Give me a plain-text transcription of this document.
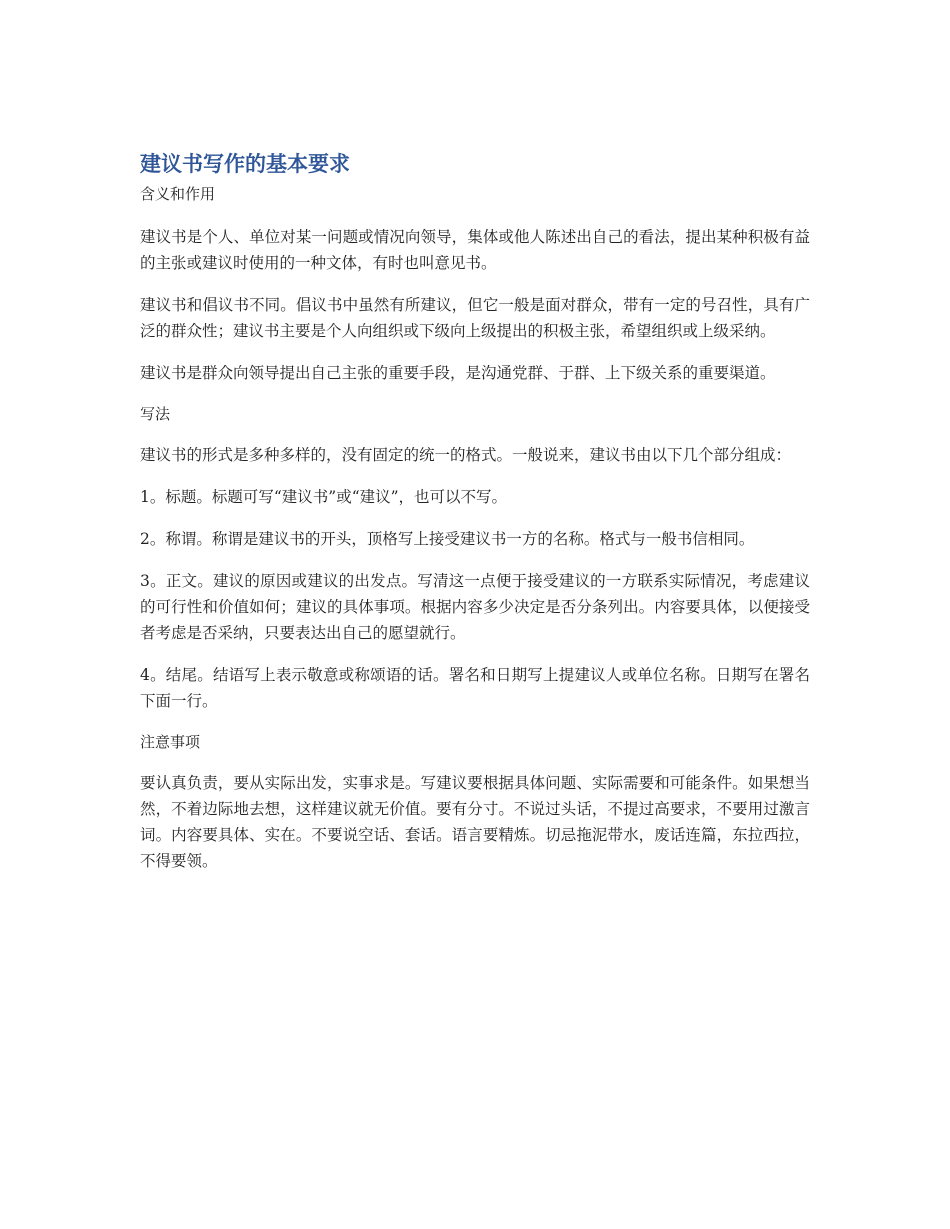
建议书写作的基本要求
含义和作用

建议书是个人、单位对某一问题或情况向领导，集体或他人陈述出自己的看法，提出某种积极有益的主张或建议时使用的一种文体，有时也叫意见书。

建议书和倡议书不同。倡议书中虽然有所建议，但它一般是面对群众，带有一定的号召性，具有广泛的群众性；建议书主要是个人向组织或下级向上级提出的积极主张，希望组织或上级采纳。

建议书是群众向领导提出自己主张的重要手段，是沟通党群、于群、上下级关系的重要渠道。

写法

建议书的形式是多种多样的，没有固定的统一的格式。一般说来，建议书由以下几个部分组成：

1。标题。标题可写“建议书”或“建议”，也可以不写。

2。称谓。称谓是建议书的开头，顶格写上接受建议书一方的名称。格式与一般书信相同。

3。正文。建议的原因或建议的出发点。写清这一点便于接受建议的一方联系实际情况，考虑建议的可行性和价值如何；建议的具体事项。根据内容多少决定是否分条列出。内容要具体，以便接受者考虑是否采纳，只要表达出自己的愿望就行。

4。结尾。结语写上表示敬意或称颂语的话。署名和日期写上提建议人或单位名称。日期写在署名下面一行。

注意事项

要认真负责，要从实际出发，实事求是。写建议要根据具体问题、实际需要和可能条件。如果想当然，不着边际地去想，这样建议就无价值。要有分寸。不说过头话，不提过高要求，不要用过激言词。内容要具体、实在。不要说空话、套话。语言要精炼。切忌拖泥带水，废话连篇，东拉西拉，不得要领。
